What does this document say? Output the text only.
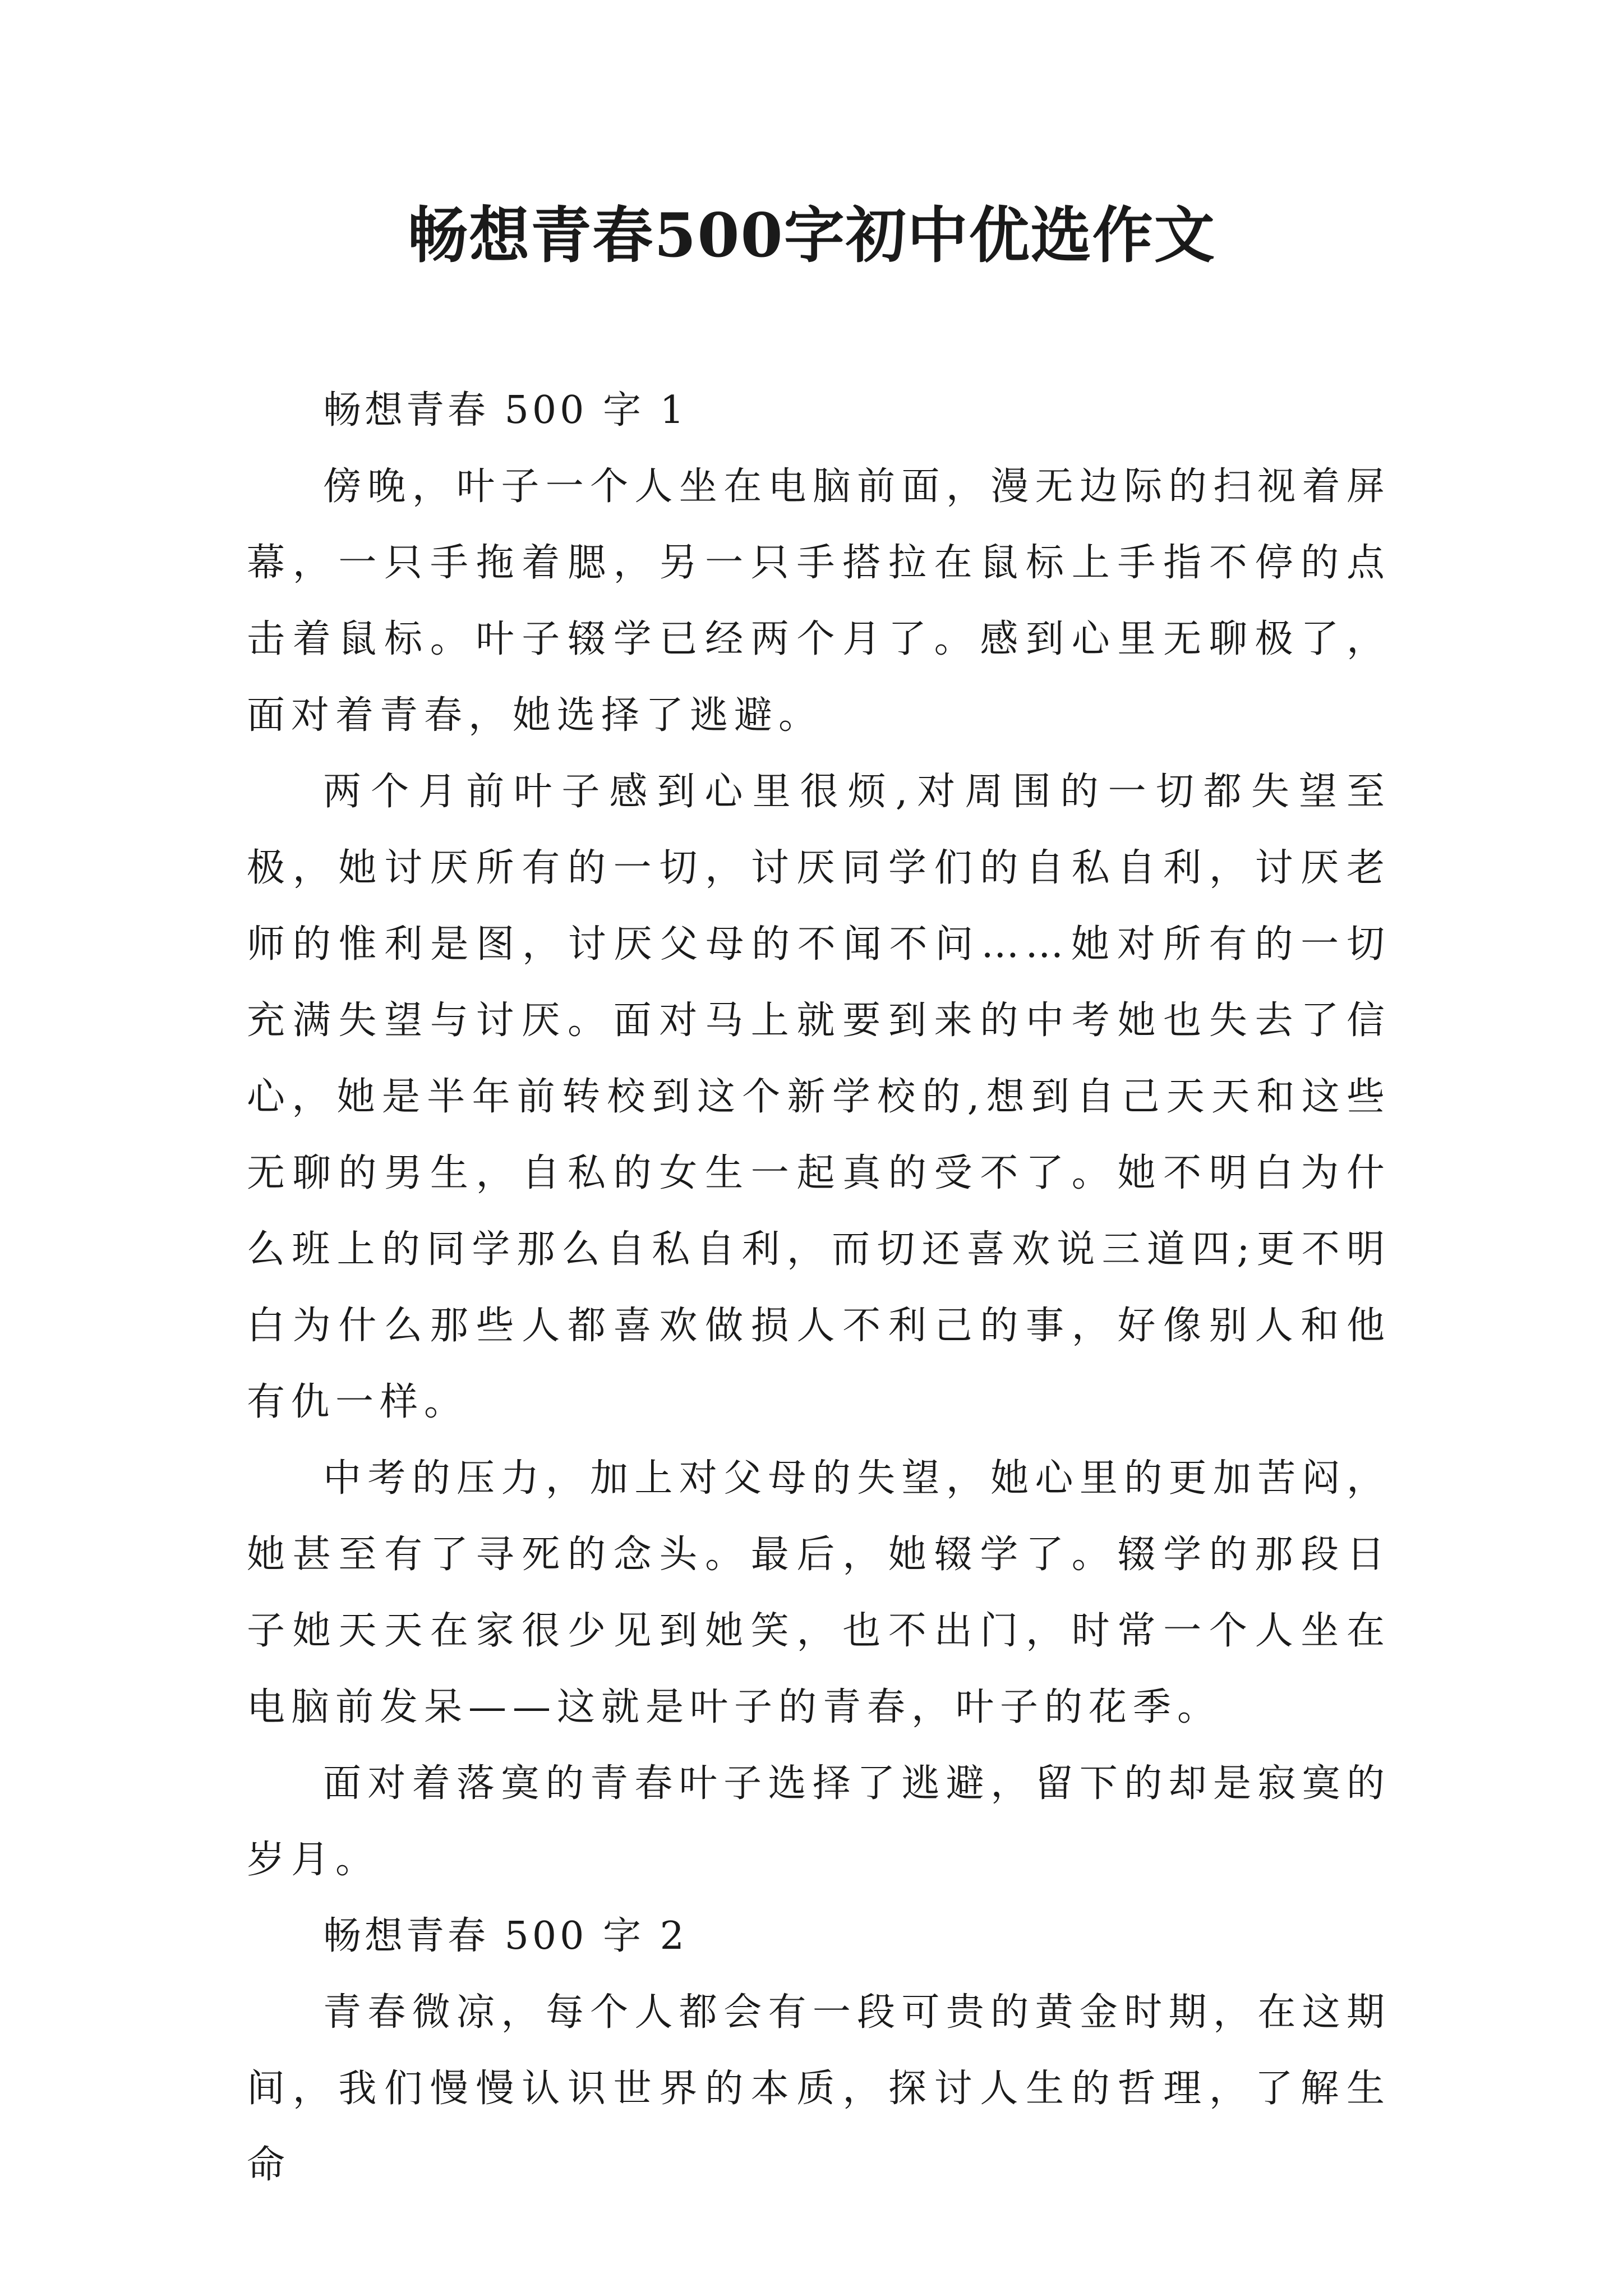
畅想青春500字初中优选作文

畅想青春 500 字 1

傍晚，叶子一个人坐在电脑前面，漫无边际的扫视着屏幕，一只手拖着腮，另一只手搭拉在鼠标上手指不停的点击着鼠标。叶子辍学已经两个月了。感到心里无聊极了，面对着青春，她选择了逃避。

两个月前叶子感到心里很烦,对周围的一切都失望至极，她讨厌所有的一切，讨厌同学们的自私自利，讨厌老师的惟利是图，讨厌父母的不闻不问……她对所有的一切充满失望与讨厌。面对马上就要到来的中考她也失去了信心，她是半年前转校到这个新学校的,想到自己天天和这些无聊的男生，自私的女生一起真的受不了。她不明白为什么班上的同学那么自私自利，而切还喜欢说三道四;更不明白为什么那些人都喜欢做损人不利己的事，好像别人和他有仇一样。

中考的压力，加上对父母的失望，她心里的更加苦闷，她甚至有了寻死的念头。最后，她辍学了。辍学的那段日子她天天在家很少见到她笑，也不出门，时常一个人坐在电脑前发呆——这就是叶子的青春，叶子的花季。

面对着落寞的青春叶子选择了逃避，留下的却是寂寞的岁月。

畅想青春 500 字 2

青春微凉，每个人都会有一段可贵的黄金时期，在这期间，我们慢慢认识世界的本质，探讨人生的哲理，了解生命
